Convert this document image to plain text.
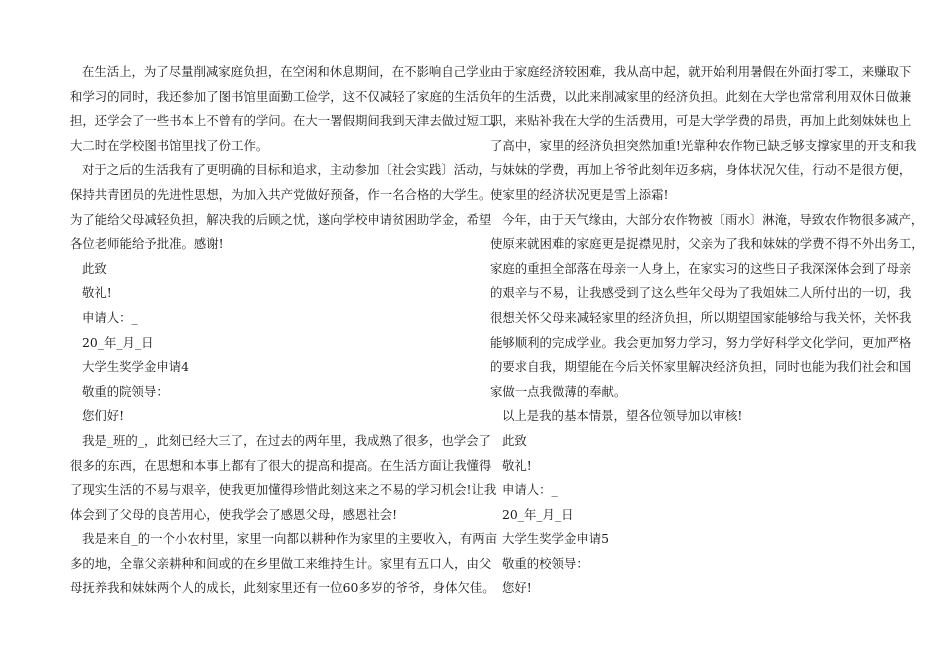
在生活上，为了尽量削减家庭负担，在空闲和休息期间，在不影响自己学业
和学习的同时，我还参加了图书馆里面勤工俭学，这不仅减轻了家庭的生活负
担，还学会了一些书本上不曾有的学问。在大一署假期间我到天津去做过短工，
大二时在学校图书馆里找了份工作。
对于之后的生活我有了更明确的目标和追求，主动参加〔社会实践〕活动，
保持共青团员的先进性思想，为加入共产党做好预备，作一名合格的大学生。
为了能给父母减轻负担，解决我的后顾之忧，遂向学校申请贫困助学金，希望
各位老师能给予批准。感谢!
此致
敬礼!
申请人：_
20_年_月_日
大学生奖学金申请4
敬重的院领导：
您们好!
我是_班的_，此刻已经大三了，在过去的两年里，我成熟了很多，也学会了
很多的东西，在思想和本事上都有了很大的提高和提高。在生活方面让我懂得
了现实生活的不易与艰辛，使我更加懂得珍惜此刻这来之不易的学习机会!让我
体会到了父母的良苦用心，使我学会了感恩父母，感恩社会!
我是来自_的一个小农村里，家里一向都以耕种作为家里的主要收入，有两亩
多的地，全靠父亲耕种和间或的在乡里做工来维持生计。家里有五口人，由父
母抚养我和妹妹两个人的成长，此刻家里还有一位60多岁的爷爷，身体欠佳。
由于家庭经济较困难，我从高中起，就开始利用暑假在外面打零工，来赚取下
年的生活费，以此来削减家里的经济负担。此刻在大学也常常利用双休日做兼
职，来贴补我在大学的生活费用，可是大学学费的昂贵，再加上此刻妹妹也上
了高中，家里的经济负担突然加重!光靠种农作物已缺乏够支撑家里的开支和我
与妹妹的学费，再加上爷爷此刻年迈多病，身体状况欠佳，行动不是很方便，
使家里的经济状况更是雪上添霜!
今年，由于天气缘由，大部分农作物被〔雨水〕淋淹，导致农作物很多减产，
使原来就困难的家庭更是捉襟见肘，父亲为了我和妹妹的学费不得不外出务工，
家庭的重担全部落在母亲一人身上，在家实习的这些日子我深深体会到了母亲
的艰辛与不易，让我感受到了这么些年父母为了我姐妹二人所付出的一切，我
很想关怀父母来减轻家里的经济负担，所以期望国家能够给与我关怀，关怀我
能够顺利的完成学业。我会更加努力学习，努力学好科学文化学问，更加严格
的要求自我，期望能在今后关怀家里解决经济负担，同时也能为我们社会和国
家做一点我微薄的奉献。
以上是我的基本情景，望各位领导加以审核!
此致
敬礼!
申请人：_
20_年_月_日
大学生奖学金申请5
敬重的校领导：
您好!
